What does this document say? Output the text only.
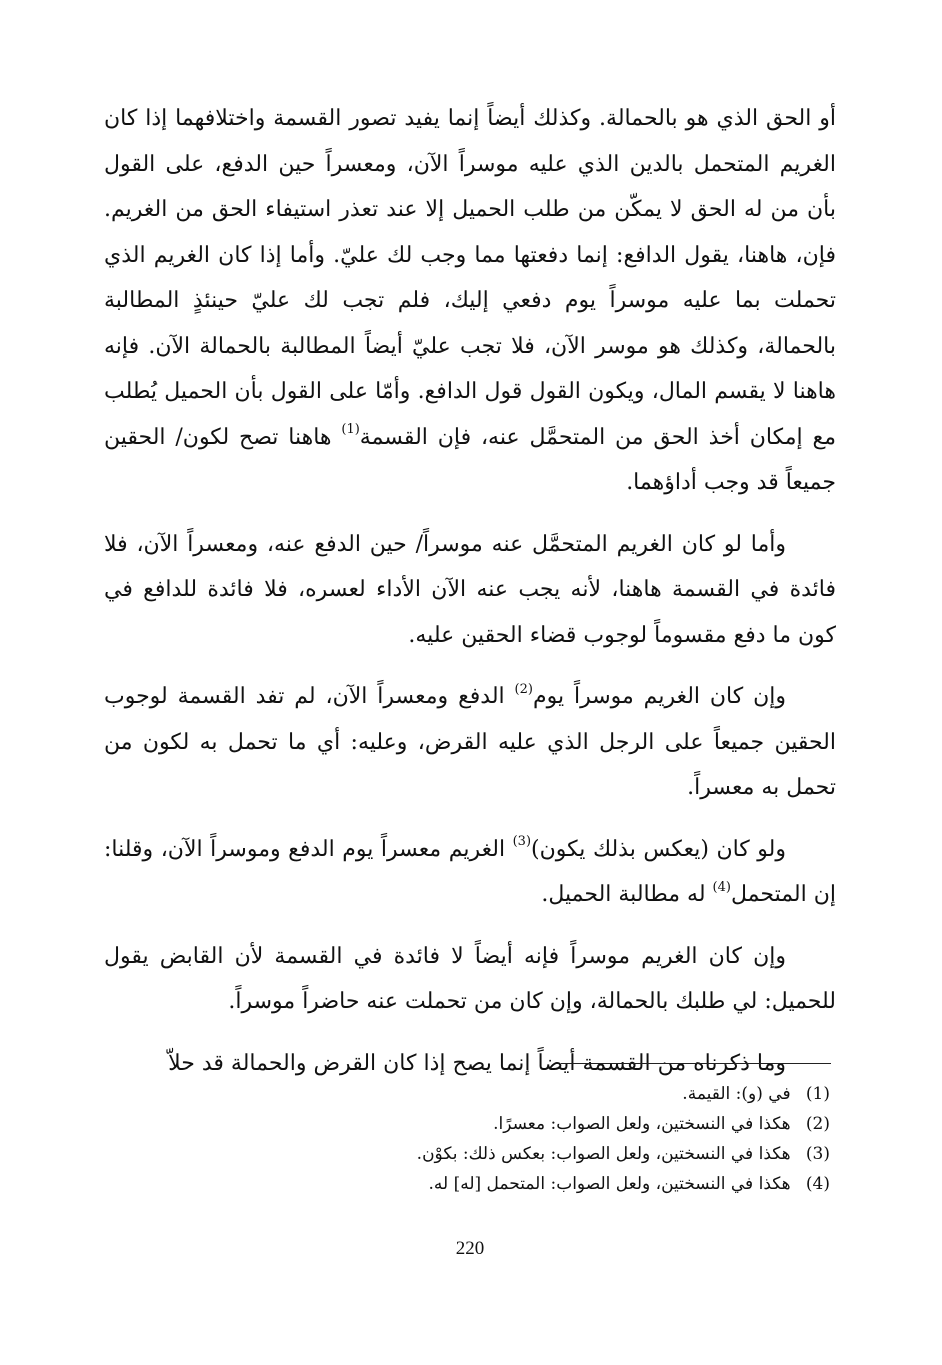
أو الحق الذي هو بالحمالة. وكذلك أيضاً إنما يفيد تصور القسمة واختلافهما إذا كان الغريم المتحمل بالدين الذي عليه موسراً الآن، ومعسراً حين الدفع، على القول بأن من له الحق لا يمكّن من طلب الحميل إلا عند تعذر استيفاء الحق من الغريم. فإن، هاهنا، يقول الدافع: إنما دفعتها مما وجب لك عليّ. وأما إذا كان الغريم الذي تحملت بما عليه موسراً يوم دفعي إليك، فلم تجب لك عليّ حينئذٍ المطالبة بالحمالة، وكذلك هو موسر الآن، فلا تجب عليّ أيضاً المطالبة بالحمالة الآن. فإنه هاهنا لا يقسم المال، ويكون القول قول الدافع. وأمّا على القول بأن الحميل يُطلب مع إمكان أخذ الحق من المتحمَّل عنه، فإن القسمة$^{(1)}$ هاهنا تصح لكون/ الحقين جميعاً قد وجب أداؤهما.

وأما لو كان الغريم المتحمَّل عنه موسراً/ حين الدفع عنه، ومعسراً الآن، فلا فائدة في القسمة هاهنا، لأنه يجب عنه الآن الأداء لعسره، فلا فائدة للدافع في كون ما دفع مقسوماً لوجوب قضاء الحقين عليه.

وإن كان الغريم موسراً يوم$^{(2)}$ الدفع ومعسراً الآن، لم تفد القسمة لوجوب الحقين جميعاً على الرجل الذي عليه القرض، وعليه: أي ما تحمل به لكون من تحمل به معسراً.

ولو كان (يعكس بذلك يكون)$^{(3)}$ الغريم معسراً يوم الدفع وموسراً الآن، وقلنا: إن المتحمل$^{(4)}$ له مطالبة الحميل.

وإن كان الغريم موسراً فإنه أيضاً لا فائدة في القسمة لأن القابض يقول للحميل: لي طلبك بالحمالة، وإن كان من تحملت عنه حاضراً موسراً.

وما ذكرناه من القسمة أيضاً إنما يصح إذا كان القرض والحمالة قد حلاّ

(1) في (و): القيمة.
(2) هكذا في النسختين، ولعل الصواب: معسرًا.
(3) هكذا في النسختين، ولعل الصواب: بعكس ذلك: بكوْن.
(4) هكذا في النسختين، ولعل الصواب: المتحمل [له] له.
220
